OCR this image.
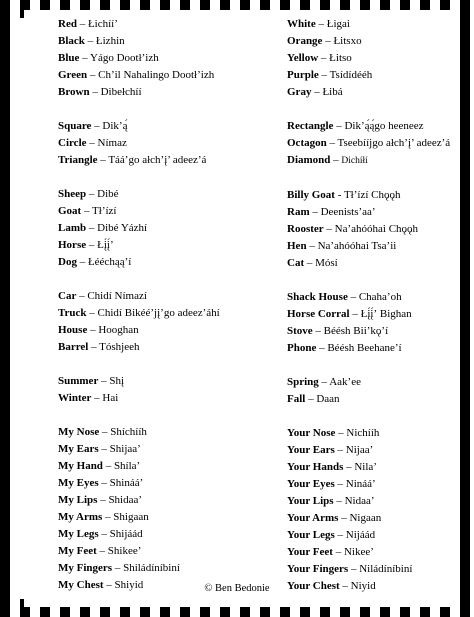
Red – Łichííʼ
Black – Łizhin
Blue – Yágo Dootłʼizh
Green – Chʼil Nahalingo Dootłʼizh
Brown – Dibełchíí
Square – Dikʼą́
Circle – Nímaz
Triangle – Táá’go ałch’į’ adeez’á
Sheep – Dibé
Goat – Tłʼízí
Lamb – Dibé Yázhí
Horse – Łį́į́ʼ
Dog – Łééchąąʼí
Car – Chidí Nímazí
Truck – Chidí Bikéé’jį’go adeez’áhí
House – Hooghan
Barrel – Tóshjeeh
Summer – Shį
Winter – Hai
My Nose – Shíchííh
My Ears – Shijaa’
My Hand – Shíla’
My Eyes – Shináá’
My Lips – Shidaa’
My Arms – Shigaan
My Legs – Shijáád
My Feet – Shikee’
My Fingers – Shiládíníbiní
My Chest – Shiyid
White – Łigai
Orange – Łitsxo
Yellow – Łitso
Purple – Tsídídééh
Gray – Łibá
Rectangle – Dikʼą́ą́go heeneez
Octagon – Tseebííjgo ałch’į’ adeez’á
Diamond – Dichíłí
Billy Goat - Tłʼízí Chǫǫh
Ram – Deenistsʼaaʼ
Rooster – Na’ahóóhai Chǫǫh
Hen – Naʼahóóhai Tsaʼii
Cat – Mósí
Shack House – Chaha’oh
Horse Corral – Łį́į́ʼ Bighan
Stove – Béésh Bii’kǫʼí
Phone – Béésh Beehaneʼí
Spring – Aakʼee
Fall – Daan
Your Nose – Nichííh
Your Ears – Nijaa’
Your Hands – Nila’
Your Eyes – Nináá’
Your Lips – Nidaa’
Your Arms – Nigaan
Your Legs – Nijáád
Your Feet – Nikee’
Your Fingers – Niládíníbiní
Your Chest – Niyid
© Ben Bedonie
